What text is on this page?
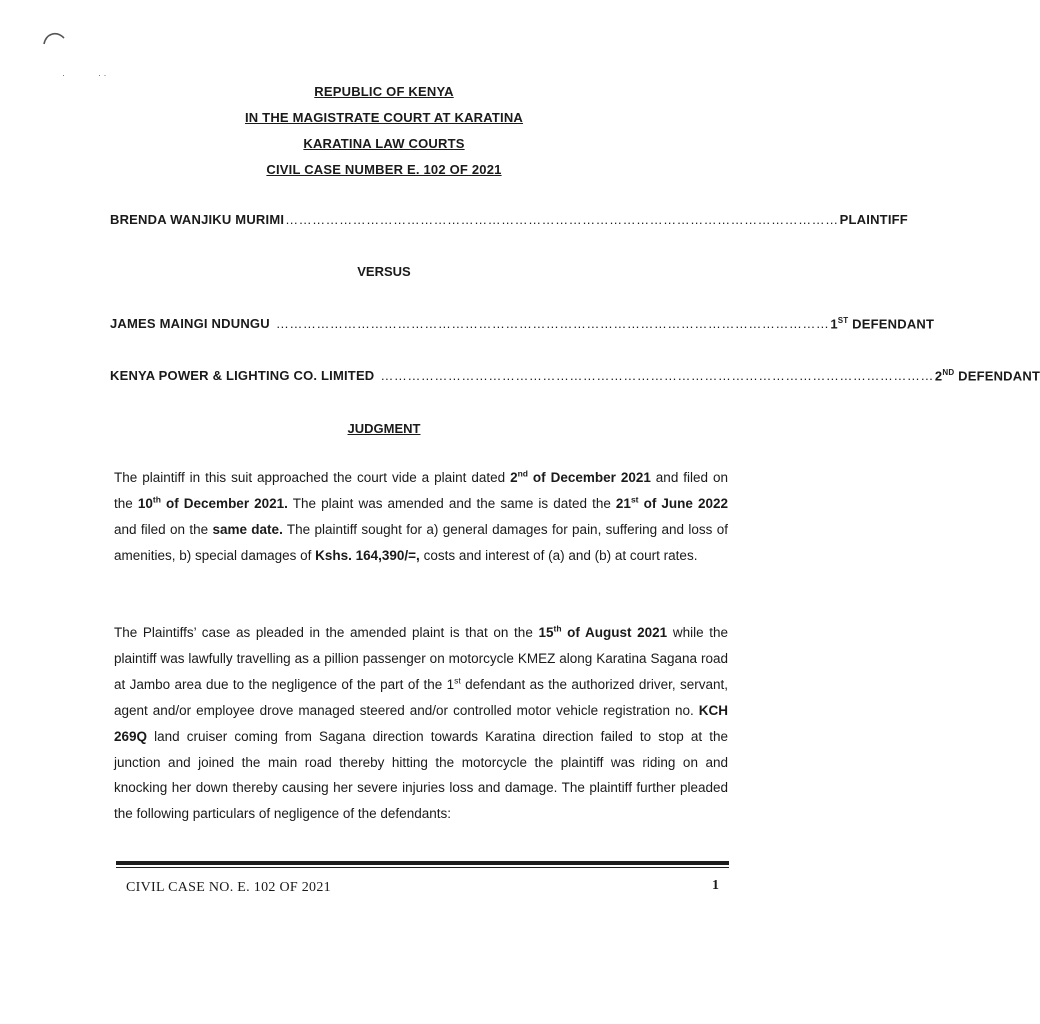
·	· ·
REPUBLIC OF KENYA
IN THE MAGISTRATE COURT AT KARATINA
KARATINA LAW COURTS
CIVIL CASE NUMBER E. 102 OF 2021
BRENDA WANJIKU MURIMI …………………………………………………………………………………………………………… PLAINTIFF
VERSUS
JAMES MAINGI NDUNGU …………………………………………………………………………………………………………… 1ST DEFENDANT
KENYA POWER & LIGHTING CO. LIMITED …………………………………………………………………………………………………………… 2ND DEFENDANT
JUDGMENT
The plaintiff in this suit approached the court vide a plaint dated 2nd of December 2021 and filed on the 10th of December 2021. The plaint was amended and the same is dated the 21st of June 2022 and filed on the same date. The plaintiff sought for a) general damages for pain, suffering and loss of amenities, b) special damages of Kshs. 164,390/=, costs and interest of (a) and (b) at court rates.
The Plaintiffs’ case as pleaded in the amended plaint is that on the 15th of August 2021 while the plaintiff was lawfully travelling as a pillion passenger on motorcycle KMEZ along Karatina Sagana road at Jambo area due to the negligence of the part of the 1st defendant as the authorized driver, servant, agent and/or employee drove managed steered and/or controlled motor vehicle registration no. KCH 269Q land cruiser coming from Sagana direction towards Karatina direction failed to stop at the junction and joined the main road thereby hitting the motorcycle the plaintiff was riding on and knocking her down thereby causing her severe injuries loss and damage. The plaintiff further pleaded the following particulars of negligence of the defendants:
CIVIL CASE NO. E. 102 OF 2021	1
